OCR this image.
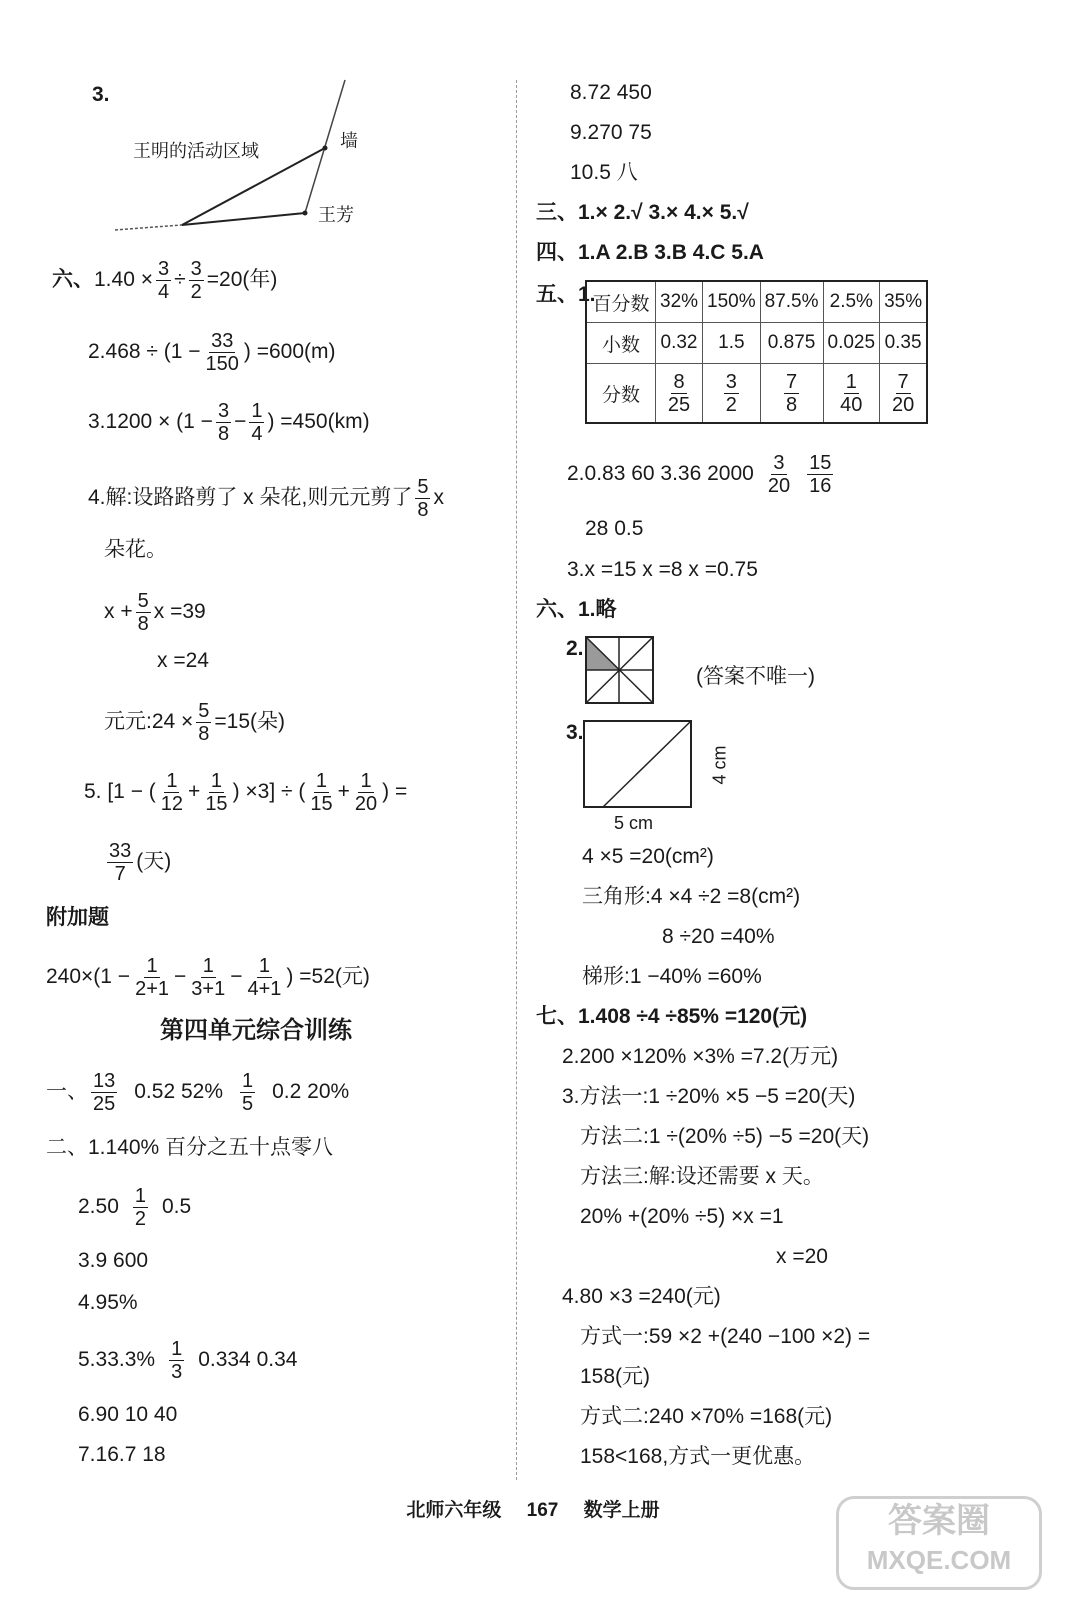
3.
王明的活动区域	墙
王芳
六、$1.40 \times \frac{3}{4} \div \frac{3}{2} =20$(年)
$2.468 \div (1 - \frac{33}{150}$ ) =600(m)
$3.1200 \times (1 - \frac{3}{8} - \frac{1}{4}$ ) =450(km)
4.解:设路路剪了 x 朵花,则元元剪了 $\frac{5}{8}$ x
朵花。
$x + \frac{5}{8}$ x =39
x =24
元元:24 × $\frac{5}{8} =15$(朵)
5. [1 − ( $\frac{1}{12} + \frac{1}{15}$ ) ×3] ÷ ( $\frac{1}{15} + \frac{1}{20}$ ) =
$\frac{33}{7}$ (天)
附加题
$240\times(1 - \frac{1}{2+1} - \frac{1}{3+1} - \frac{1}{4+1}$ ) =52(元)
第四单元综合训练
一、 $\frac{13}{25} 0.52$ $52\% \frac{1}{5} 0.2$ 20%
二、1.140% 百分之五十点零八
$2.50 \frac{1}{2} 0.5$
3.9 600
4.95%
$5.33.3\% \frac{1}{3} 0.334$ 0.34
6.90 10 40
7.16.7 18
8.72 450
9.270 75
10.5 八
三、1.× 2.√ 3.× 4.× 5.√
四、1.A 2.B 3.B 4.C 5.A
五、1.
百分数	32%	150%	87.5%	2.5%	35%
小数	0.32	1.5	0.875	0.025	0.35
分数	$\frac{8}{25}$	$\frac{3}{2}$	$\frac{7}{8}$	$\frac{1}{40}$	$\frac{7}{20}$
2.0.83 60 3.36 $2000 \frac{3}{20} \frac{15}{16}$
28 0.5
3.x =15 x =8 x =0.75
六、1.略
2.
(答案不唯一)
3.
4 cm
5 cm
4 ×5 =20(cm²)
三角形:4 ×4 ÷2 =8(cm²)
8 ÷20 =40%
梯形:1 −40% =60%
七、1.408 ÷4 ÷85% =120(元)
2.200 ×120% ×3% =7.2(万元)
3.方法一:1 ÷20% ×5 −5 =20(天)
方法二:1 ÷(20% ÷5) −5 =20(天)
方法三:解:设还需要 x 天。
20% +(20% ÷5) ×x =1
x =20
4.80 ×3 =240(元)
方式一:59 ×2 +(240 −100 ×2) =
158(元)
方式二:240 ×70% =168(元)
158<168,方式一更优惠。
北师六年级 167 数学上册	答案圈
MXQE.COM
